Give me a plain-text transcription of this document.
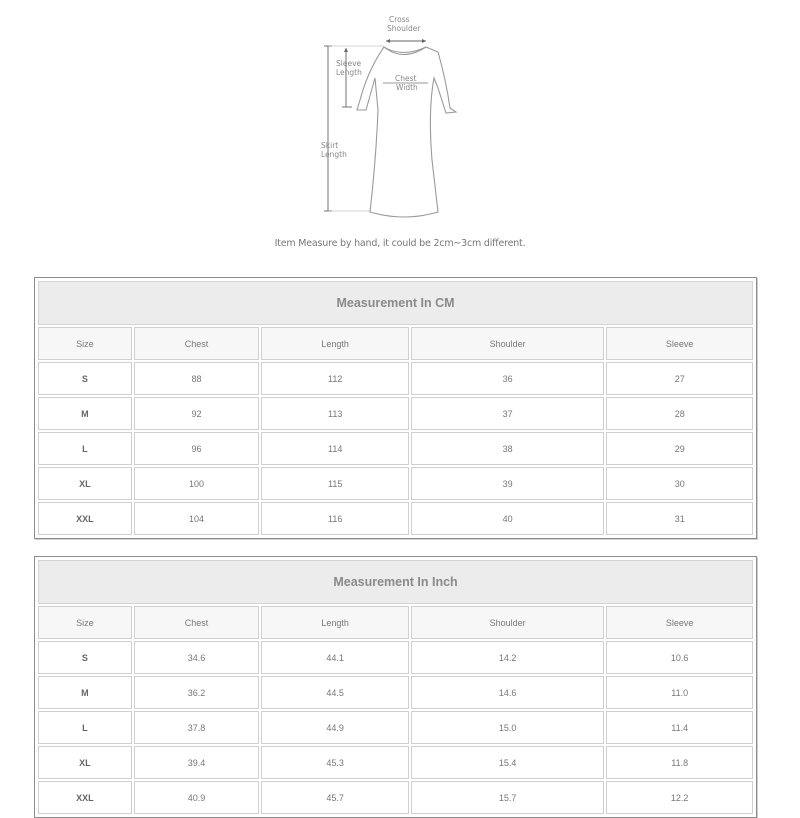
Cross
Shoulder
Sleeve
Length
Chest
Width
Skirt
Length
Item Measure by hand, it could be 2cm~3cm different.
Measurement In CM				
Size	Chest	Length	Shoulder	Sleeve
S	88	112	36	27
M	92	113	37	28
L	96	114	38	29
XL	100	115	39	30
XXL	104	116	40	31
Measurement In Inch				
Size	Chest	Length	Shoulder	Sleeve
S	34.6	44.1	14.2	10.6
M	36.2	44.5	14.6	11.0
L	37.8	44.9	15.0	11.4
XL	39.4	45.3	15.4	11.8
XXL	40.9	45.7	15.7	12.2
